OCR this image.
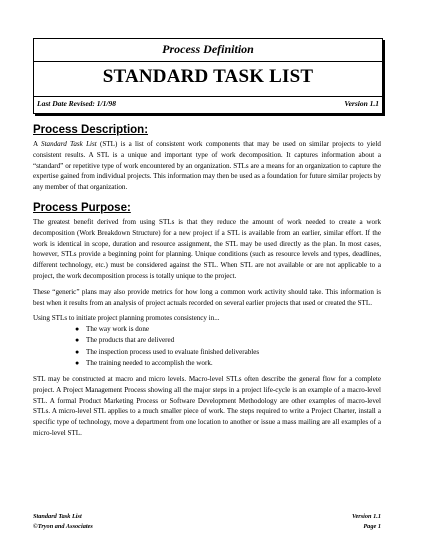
Process Definition
STANDARD TASK LIST
Last Date Revised: 1/1/98	Version 1.1
Process Description:

A Standard Task List (STL) is a list of consistent work components that may be used on similar projects to yield consistent results. A STL is a unique and important type of work decomposition. It captures information about a “standard” or repetitive type of work encountered by an organization. STLs are a means for an organization to capture the expertise gained from individual projects. This information may then be used as a foundation for future similar projects by any member of that organization.

Process Purpose:

The greatest benefit derived from using STLs is that they reduce the amount of work needed to create a work decomposition (Work Breakdown Structure) for a new project if a STL is available from an earlier, similar effort. If the work is identical in scope, duration and resource assignment, the STL may be used directly as the plan. In most cases, however, STLs provide a beginning point for planning. Unique conditions (such as resource levels and types, deadlines, different technology, etc.) must be considered against the STL. When STL are not available or are not applicable to a project, the work decomposition process is totally unique to the project.

These “generic” plans may also provide metrics for how long a common work activity should take. This information is best when it results from an analysis of project actuals recorded on several earlier projects that used or created the STL.

Using STLs to initiate project planning promotes consistency in...

● The way work is done
● The products that are delivered
● The inspection process used to evaluate finished deliverables
● The training needed to accomplish the work.

STL may be constructed at macro and micro levels. Macro-level STLs often describe the general flow for a complete project. A Project Management Process showing all the major steps in a project life-cycle is an example of a macro-level STL. A formal Product Marketing Process or Software Development Methodology are other examples of macro-level STLs. A micro-level STL applies to a much smaller piece of work. The steps required to write a Project Charter, install a specific type of technology, move a department from one location to another or issue a mass mailing are all examples of a micro-level STL.

Standard Task List
©Tryon and Associates
Version 1.1
Page 1
